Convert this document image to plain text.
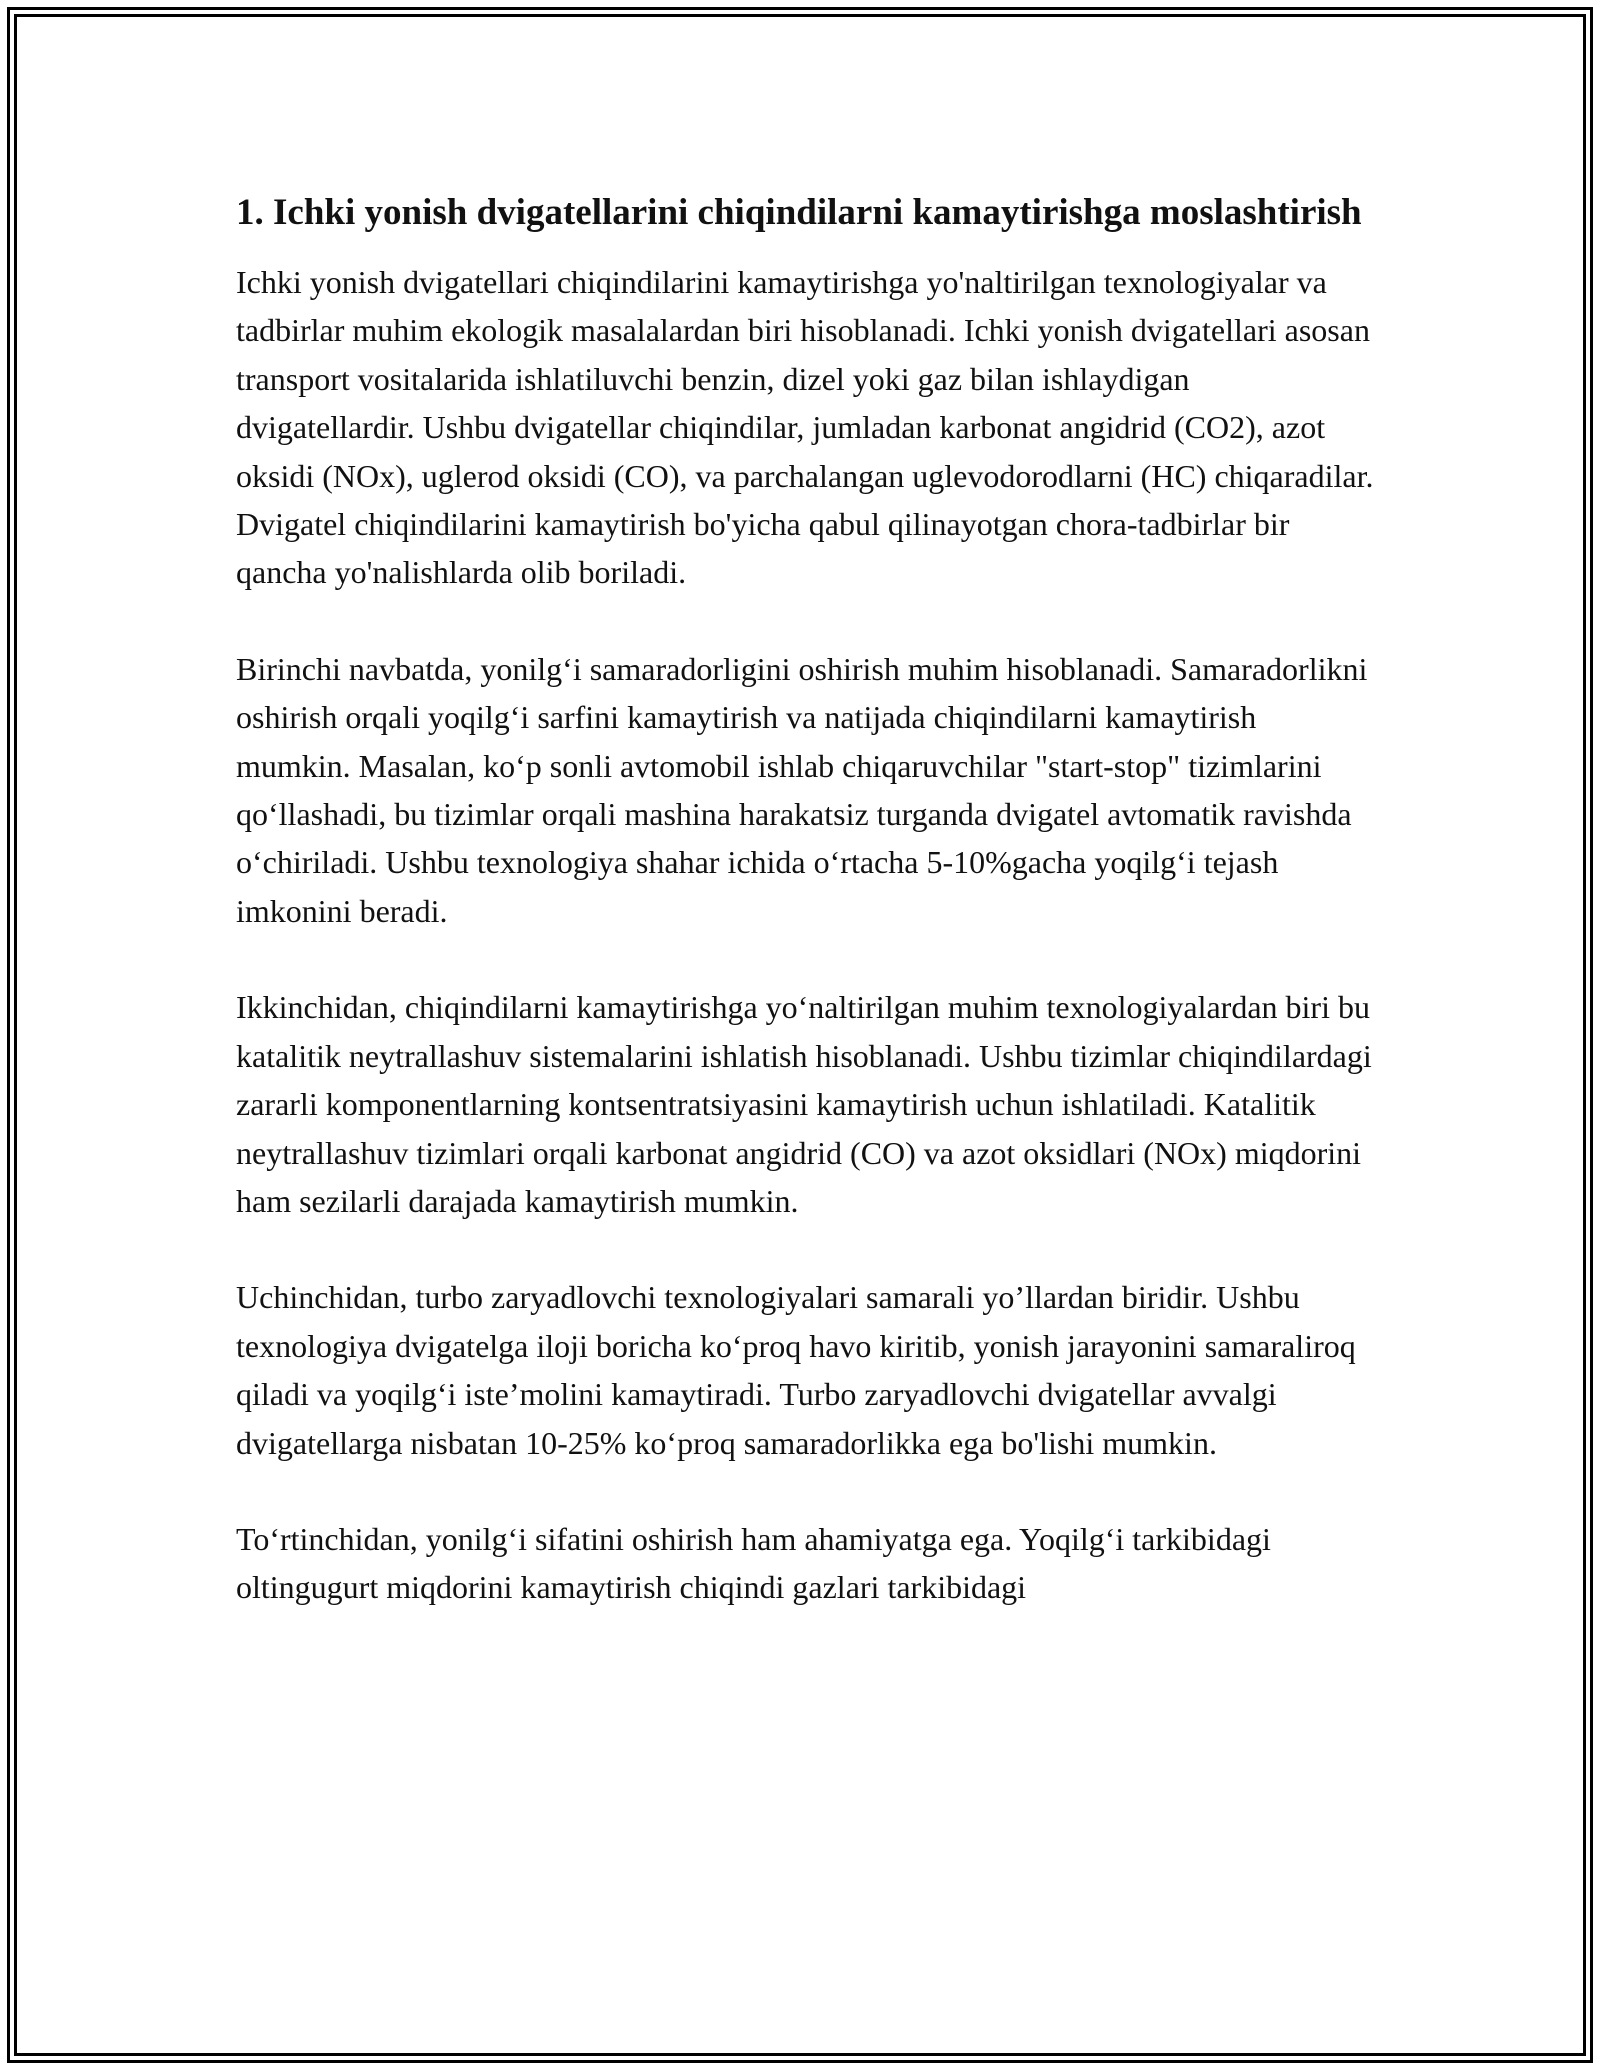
1. Ichki yonish dvigatellarini chiqindilarni kamaytirishga moslashtirish

Ichki yonish dvigatellari chiqindilarini kamaytirishga yo'naltirilgan texnologiyalar va tadbirlar muhim ekologik masalalardan biri hisoblanadi. Ichki yonish dvigatellari asosan transport vositalarida ishlatiluvchi benzin, dizel yoki gaz bilan ishlaydigan dvigatellardir. Ushbu dvigatellar chiqindilar, jumladan karbonat angidrid (CO2), azot oksidi (NOx), uglerod oksidi (CO), va parchalangan uglevodorodlarni (HC) chiqaradilar. Dvigatel chiqindilarini kamaytirish bo'yicha qabul qilinayotgan chora-tadbirlar bir qancha yo'nalishlarda olib boriladi.

Birinchi navbatda, yonilg‘i samaradorligini oshirish muhim hisoblanadi. Samaradorlikni oshirish orqali yoqilg‘i sarfini kamaytirish va natijada chiqindilarni kamaytirish mumkin. Masalan, ko‘p sonli avtomobil ishlab chiqaruvchilar "start-stop" tizimlarini qo‘llashadi, bu tizimlar orqali mashina harakatsiz turganda dvigatel avtomatik ravishda o‘chiriladi. Ushbu texnologiya shahar ichida o‘rtacha 5-10%gacha yoqilg‘i tejash imkonini beradi.

Ikkinchidan, chiqindilarni kamaytirishga yo‘naltirilgan muhim texnologiyalardan biri bu katalitik neytrallashuv sistemalarini ishlatish hisoblanadi. Ushbu tizimlar chiqindilardagi zararli komponentlarning kontsentratsiyasini kamaytirish uchun ishlatiladi. Katalitik neytrallashuv tizimlari orqali karbonat angidrid (CO) va azot oksidlari (NOx) miqdorini ham sezilarli darajada kamaytirish mumkin.

Uchinchidan, turbo zaryadlovchi texnologiyalari samarali yo’llardan biridir. Ushbu texnologiya dvigatelga iloji boricha ko‘proq havo kiritib, yonish jarayonini samaraliroq qiladi va yoqilg‘i iste’molini kamaytiradi. Turbo zaryadlovchi dvigatellar avvalgi dvigatellarga nisbatan 10-25% ko‘proq samaradorlikka ega bo'lishi mumkin.

To‘rtinchidan, yonilg‘i sifatini oshirish ham ahamiyatga ega. Yoqilg‘i tarkibidagi oltingugurt miqdorini kamaytirish chiqindi gazlari tarkibidagi
